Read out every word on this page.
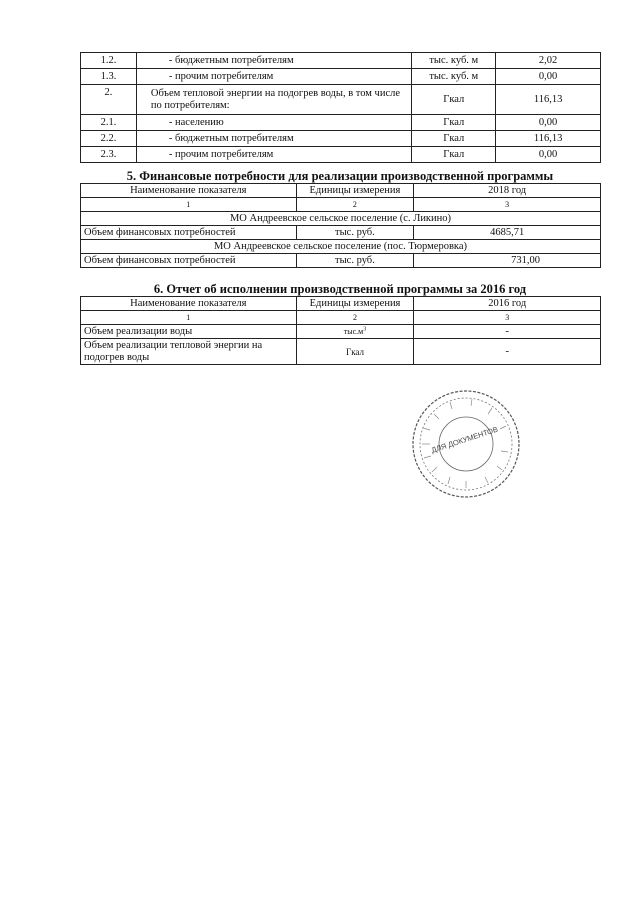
1.2.	- бюджетным потребителям	тыс. куб. м	2,02
1.3.	- прочим потребителям	тыс. куб. м	0,00
2.	Объем тепловой энергии на подогрев воды, в том числе по потребителям:	Гкал	116,13
2.1.	- населению	Гкал	0,00
2.2.	- бюджетным потребителям	Гкал	116,13
2.3.	- прочим потребителям	Гкал	0,00
5. Финансовые потребности для реализации производственной программы
Наименование показателя	Единицы измерения	2018 год
1	2	3
МО Андреевское сельское поселение (с. Ликино)		
Объем финансовых потребностей	тыс. руб.	4685,71
МО Андреевское сельское поселение (пос. Тюрмеровка)		
Объем финансовых потребностей	тыс. руб.	731,00
6. Отчет об исполнении производственной программы за 2016 год
Наименование показателя	Единицы измерения	2016 год
1	2	3
Объем реализации воды	$тыс.м^3$	-
Объем реализации тепловой энергии на подогрев воды	Гкал	-
ДЛЯ ДОКУМЕНТОВ
